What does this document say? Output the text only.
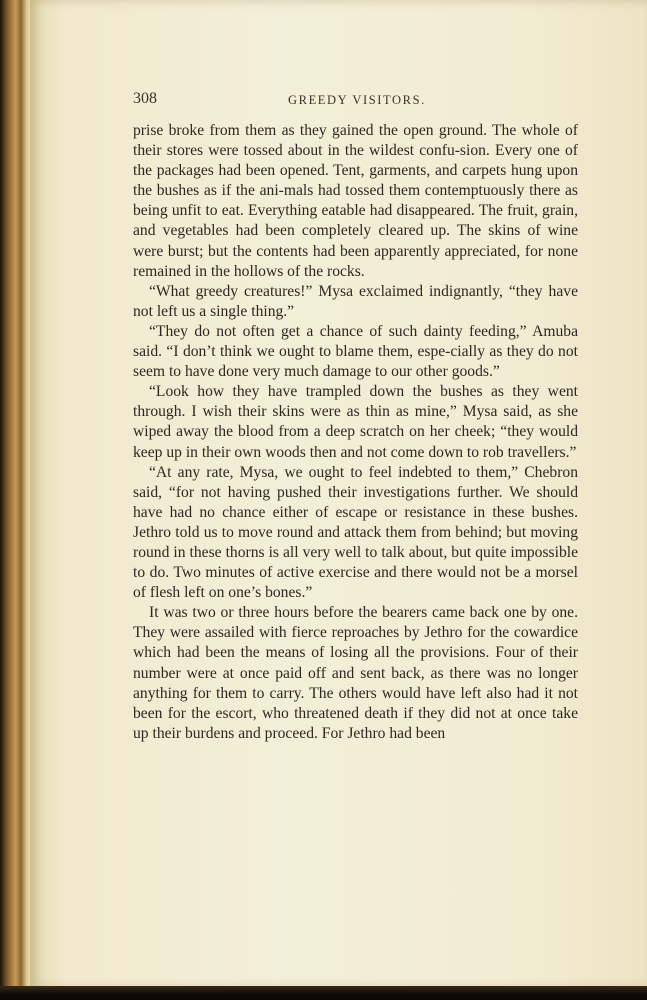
308	GREEDY VISITORS.

prise broke from them as they gained the open ground. The whole of their stores were tossed about in the wildest confu-sion. Every one of the packages had been opened. Tent, garments, and carpets hung upon the bushes as if the ani-mals had tossed them contemptuously there as being unfit to eat. Everything eatable had disappeared. The fruit, grain, and vegetables had been completely cleared up. The skins of wine were burst; but the contents had been apparently appreciated, for none remained in the hollows of the rocks.

“What greedy creatures!” Mysa exclaimed indignantly, “they have not left us a single thing.”

“They do not often get a chance of such dainty feeding,” Amuba said. “I don’t think we ought to blame them, espe-cially as they do not seem to have done very much damage to our other goods.”

“Look how they have trampled down the bushes as they went through. I wish their skins were as thin as mine,” Mysa said, as she wiped away the blood from a deep scratch on her cheek; “they would keep up in their own woods then and not come down to rob travellers.”

“At any rate, Mysa, we ought to feel indebted to them,” Chebron said, “for not having pushed their investigations further. We should have had no chance either of escape or resistance in these bushes. Jethro told us to move round and attack them from behind; but moving round in these thorns is all very well to talk about, but quite impossible to do. Two minutes of active exercise and there would not be a morsel of flesh left on one’s bones.”

It was two or three hours before the bearers came back one by one. They were assailed with fierce reproaches by Jethro for the cowardice which had been the means of losing all the provisions. Four of their number were at once paid off and sent back, as there was no longer anything for them to carry. The others would have left also had it not been for the escort, who threatened death if they did not at once take up their burdens and proceed. For Jethro had been
